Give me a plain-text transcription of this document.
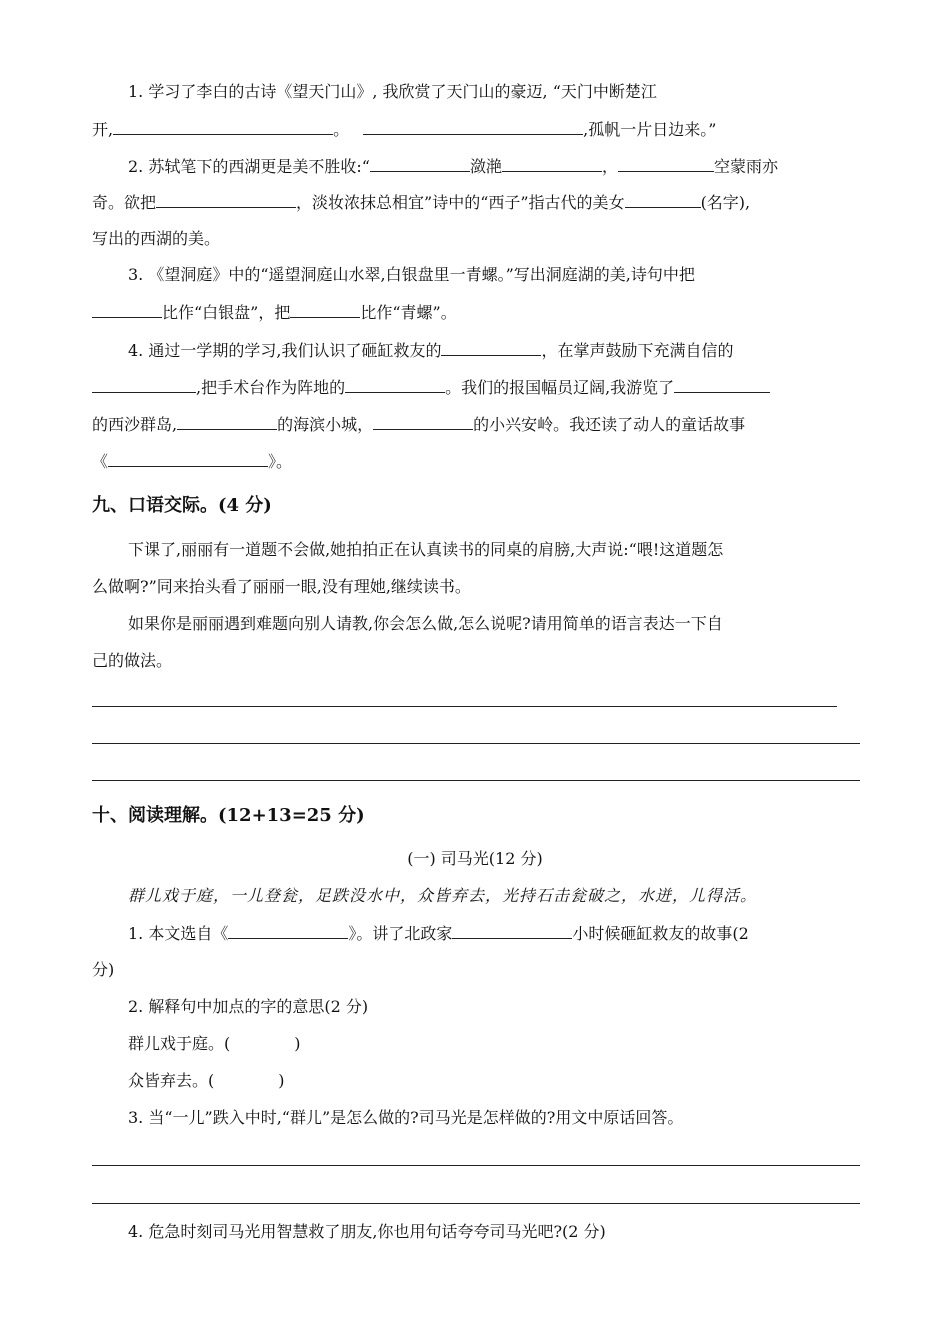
1. 学习了李白的古诗《望天门山》, 我欣赏了天门山的豪迈, “天门中断楚江
开,	。	,孤帆一片日边来。”
2. 苏轼笔下的西湖更是美不胜收:“	潋滟	，	空蒙雨亦
奇。欲把	，淡妆浓抹总相宜”诗中的“西子”指古代的美女	(名字),
写出的西湖的美。
3. 《望洞庭》中的“遥望洞庭山水翠,白银盘里一青螺。”写出洞庭湖的美,诗句中把
比作“白银盘”，把	比作“青螺”。
4. 通过一学期的学习,我们认识了砸缸救友的	，在掌声鼓励下充满自信的
,把手术台作为阵地的	。我们的报国幅员辽阔,我游览了
的西沙群岛,	的海滨小城，	的小兴安岭。我还读了动人的童话故事
《	》。
九、口语交际。(4 分)
下课了,丽丽有一道题不会做,她拍拍正在认真读书的同桌的肩膀,大声说:“喂!这道题怎
么做啊?”同来抬头看了丽丽一眼,没有理她,继续读书。
如果你是丽丽遇到难题向别人请教,你会怎么做,怎么说呢?请用简单的语言表达一下自
己的做法。
十、阅读理解。(12+13=25 分)
(一) 司马光(12 分)
群儿戏于庭，一儿登瓮，足跌没水中，众皆弃去，光持石击瓮破之，水迸，儿得活。
1. 本文选自《	》。讲了北政家	小时候砸缸救友的故事(2
分)
2. 解释句中加点的字的意思(2 分)
群儿戏于庭。(　　　　)
众皆弃去。(　　　　)
3. 当“一儿”跌入中时,“群儿”是怎么做的?司马光是怎样做的?用文中原话回答。
4. 危急时刻司马光用智慧救了朋友,你也用句话夸夸司马光吧?(2 分)
